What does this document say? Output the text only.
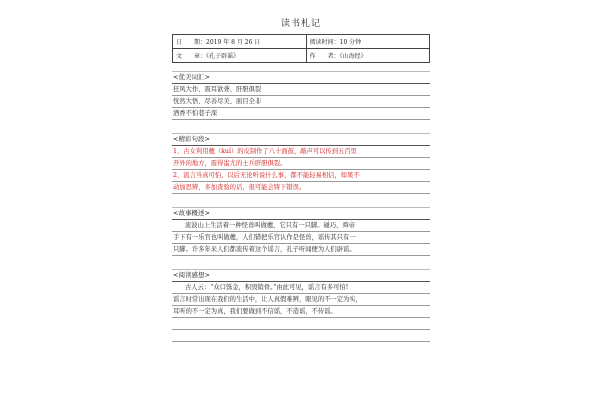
读书札记
日　　期：2019 年 8 月 26 日	阅读时间：10 分钟
文　　章：《孔子辟谣》	作　　者：《山海经》
<优美词汇>
狂风大作、震耳欲聋、肝胆俱裂
恍然大悟、尽善尽美、面目全非
酒香不怕巷子深
<精彩句段>
1、古女利用夔（kuí）的皮制作了八十面鼓，敲声可以传到五百里
开外的地方，震得蚩尤的士兵肝胆俱裂。
2、流言当真可怕，以后无论听说什么事，都不能轻易相信，如果不
动加思辨，多加查验的话，很可能会铸下错误。
<故事概述>
流波山上生活着一种怪兽叫做夔，它只有一只脚。碰巧，舜帝
手下有一乐官也叫做夔，人们错把乐官认作是怪兽，谣传其只有一
只脚。许多年来人们都流传着这个谣言，孔子听闻便为人们辟谣。
<阅读感想>
古人云：“众口铄金，积毁销骨。”由此可见，谣言有多可怕!
谣言时常出现在我们的生活中，让人真假难辨，眼见的不一定为实，
耳听的不一定为真，我们要做到不信谣，不造谣，不传谣。
